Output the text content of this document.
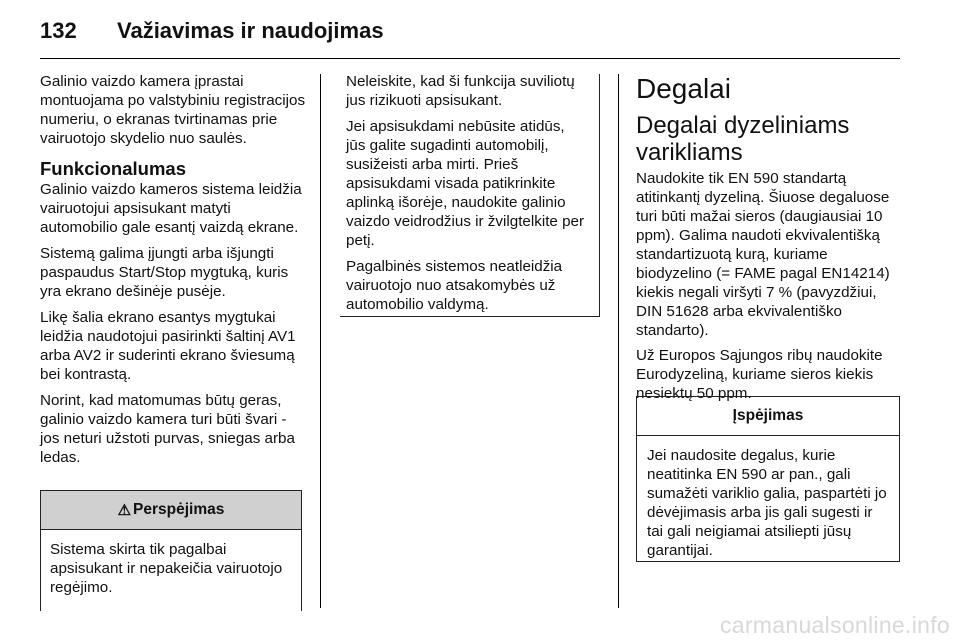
132 Važiavimas ir naudojimas

Galinio vaizdo kamera įprastai montuojama po valstybiniu registracijos numeriu, o ekranas tvirtinamas prie vairuotojo skydelio nuo saulės.

Funkcionalumas

Galinio vaizdo kameros sistema leidžia vairuotojui apsisukant matyti automobilio gale esantį vaizdą ekrane.

Sistemą galima įjungti arba išjungti paspaudus Start/Stop mygtuką, kuris yra ekrano dešinėje pusėje.

Likę šalia ekrano esantys mygtukai leidžia naudotojui pasirinkti šaltinį AV1 arba AV2 ir suderinti ekrano šviesumą bei kontrastą.

Norint, kad matomumas būtų geras, galinio vaizdo kamera turi būti švari - jos neturi užstoti purvas, sniegas arba ledas.

⚠ Perspėjimas
Sistema skirta tik pagalbai apsisukant ir nepakeičia vairuotojo regėjimo.

Neleiskite, kad ši funkcija suviliotų jus rizikuoti apsisukant.

Jei apsisukdami nebūsite atidūs, jūs galite sugadinti automobilį, susižeisti arba mirti. Prieš apsisukdami visada patikrinkite aplinką išorėje, naudokite galinio vaizdo veidrodžius ir žvilgtelkite per petį.

Pagalbinės sistemos neatleidžia vairuotojo nuo atsakomybės už automobilio valdymą.

Degalai
Degalai dyzeliniams varikliams

Naudokite tik EN 590 standartą atitinkantį dyzeliną. Šiuose degaluose turi būti mažai sieros (daugiausiai 10 ppm). Galima naudoti ekvivalentišką standartizuotą kurą, kuriame biodyzelino (= FAME pagal EN14214) kiekis negali viršyti 7 % (pavyzdžiui, DIN 51628 arba ekvivalentiško standarto).

Už Europos Sąjungos ribų naudokite Eurodyzeliną, kuriame sieros kiekis nesiektų 50 ppm.

Įspėjimas
Jei naudosite degalus, kurie neatitinka EN 590 ar pan., gali sumažėti variklio galia, paspartėti jo dėvėjimasis arba jis gali sugesti ir tai gali neigiamai atsiliepti jūsų garantijai.
carmanualsonline.info
